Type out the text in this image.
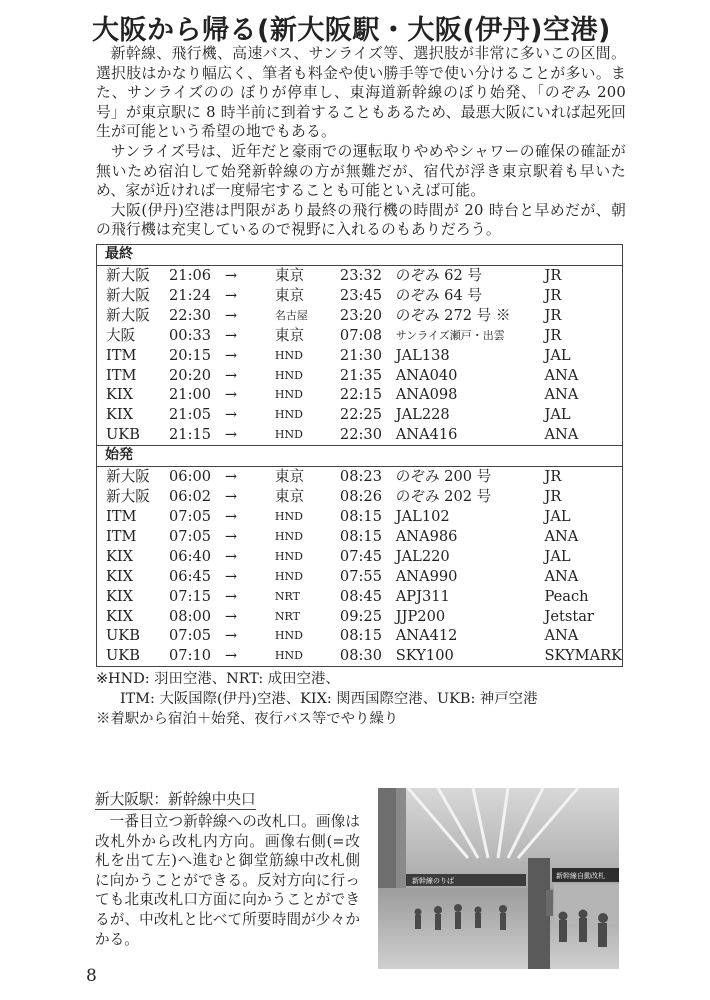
大阪から帰る(新大阪駅・大阪(伊丹)空港)

新幹線、飛行機、高速バス、サンライズ等、選択肢が非常に多いこの区間。選択肢はかなり幅広く、筆者も料金や使い勝手等で使い分けることが多い。また、サンライズのの ぼりが停車し、東海道新幹線のぼり始発、「のぞみ 200 号」が東京駅に 8 時半前に到着することもあるため、最悪大阪にいれば起死回生が可能という希望の地でもある。

サンライズ号は、近年だと豪雨での運転取りやめやシャワーの確保の確証が無いため宿泊して始発新幹線の方が無難だが、宿代が浮き東京駅着も早いため、家が近ければ一度帰宅することも可能といえば可能。

大阪(伊丹)空港は門限があり最終の飛行機の時間が 20 時台と早めだが、朝の飛行機は充実しているので視野に入れるのもありだろう。

最終						
新大阪	21:06	→	東京	23:32	のぞみ 62 号	JR
新大阪	21:24	→	東京	23:45	のぞみ 64 号	JR
新大阪	22:30	→	名古屋	23:20	のぞみ 272 号 ※	JR
大阪	00:33	→	東京	07:08	サンライズ瀬戸・出雲	JR
ITM	20:15	→	HND	21:30	JAL138	JAL
ITM	20:20	→	HND	21:35	ANA040	ANA
KIX	21:00	→	HND	22:15	ANA098	ANA
KIX	21:05	→	HND	22:25	JAL228	JAL
UKB	21:15	→	HND	22:30	ANA416	ANA
始発						
新大阪	06:00	→	東京	08:23	のぞみ 200 号	JR
新大阪	06:02	→	東京	08:26	のぞみ 202 号	JR
ITM	07:05	→	HND	08:15	JAL102	JAL
ITM	07:05	→	HND	08:15	ANA986	ANA
KIX	06:40	→	HND	07:45	JAL220	JAL
KIX	06:45	→	HND	07:55	ANA990	ANA
KIX	07:15	→	NRT	08:45	APJ311	Peach
KIX	08:00	→	NRT	09:25	JJP200	Jetstar
UKB	07:05	→	HND	08:15	ANA412	ANA
UKB	07:10	→	HND	08:30	SKY100	SKYMARK
※HND: 羽田空港、NRT: 成田空港、
ITM: 大阪国際(伊丹)空港、KIX: 関西国際空港、UKB: 神戸空港
※着駅から宿泊＋始発、夜行バス等でやり繰り
新大阪駅：新幹線中央口

一番目立つ新幹線への改札口。画像は改札外から改札内方向。画像右側(=改札を出て左)へ進むと御堂筋線中改札側に向かうことができる。反対方向に行っても北東改札口方面に向かうことができるが、中改札と比べて所要時間が少々かかる。

新幹線のりば
新幹線自動改札
8
